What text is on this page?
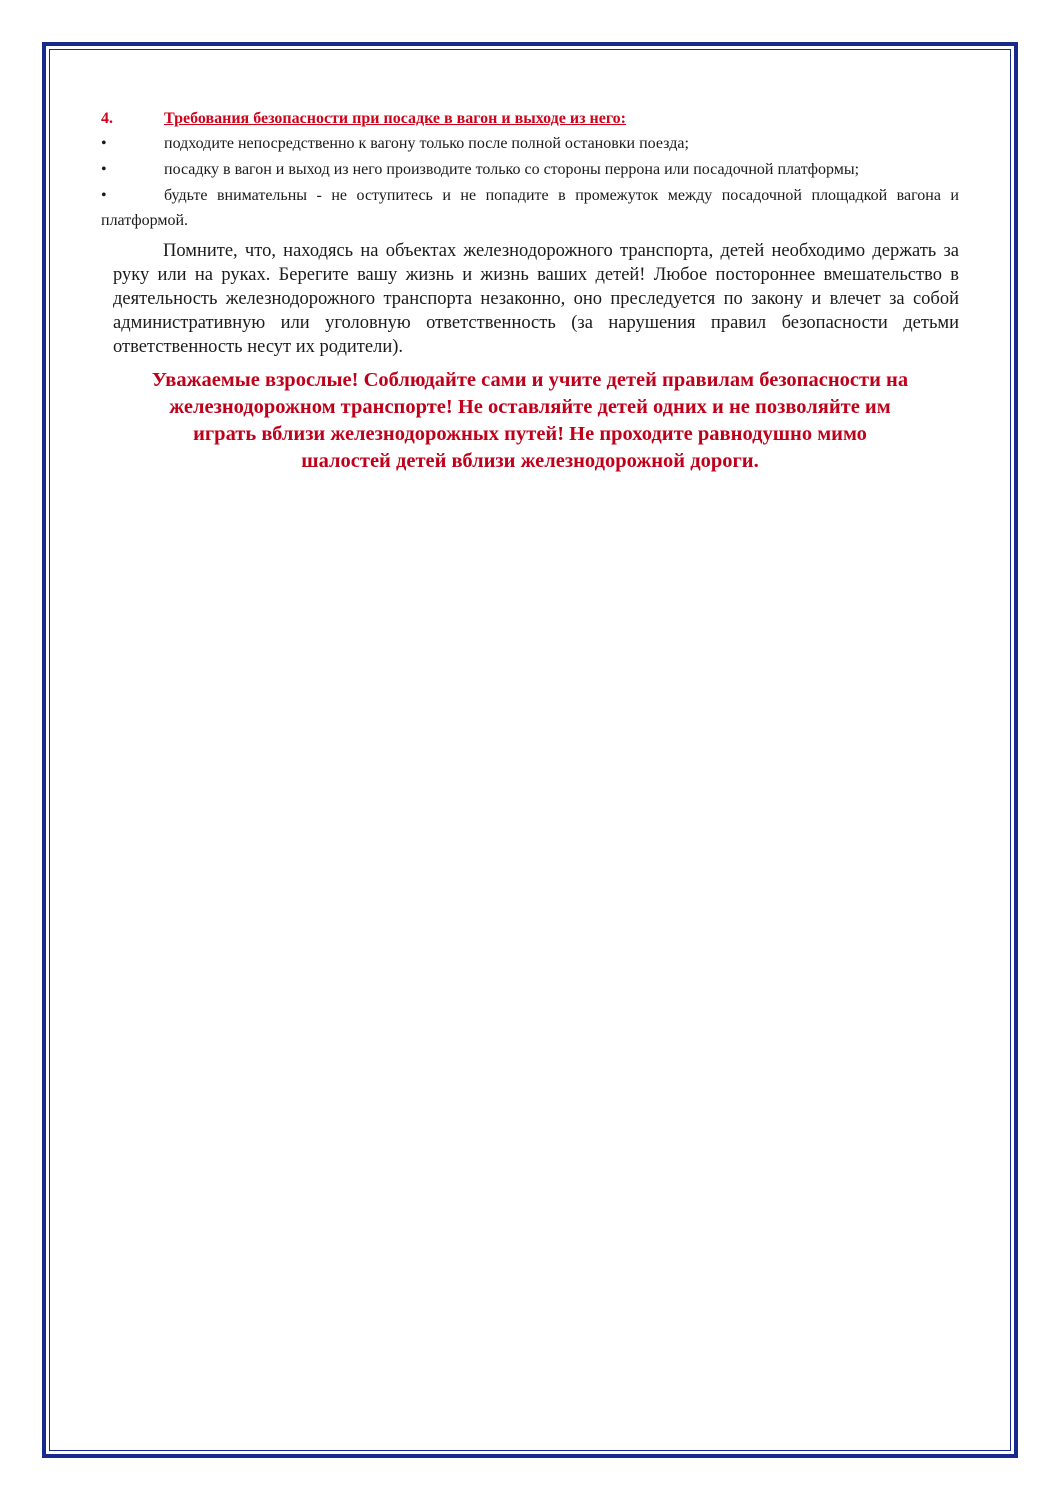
4.	Требования безопасности при посадке в вагон и выходе из него:
•	подходите непосредственно к вагону только после полной остановки поезда;
•	посадку в вагон и выход из него производите только со стороны перрона или посадочной платформы;
•	будьте внимательны - не оступитесь и не попадите в промежуток между посадочной площадкой вагона и платформой.

Помните, что, находясь на объектах железнодорожного транспорта, детей необходимо держать за руку или на руках. Берегите вашу жизнь и жизнь ваших детей! Любое постороннее вмешательство в деятельность железнодорожного транспорта незаконно, оно преследуется по закону и влечет за собой административную или уголовную ответственность (за нарушения правил безопасности детьми ответственность несут их родители).

Уважаемые взрослые! Соблюдайте сами и учите детей правилам безопасности на
железнодорожном транспорте! Не оставляйте детей одних и не позволяйте им
играть вблизи железнодорожных путей! Не проходите равнодушно мимо
шалостей детей вблизи железнодорожной дороги.
